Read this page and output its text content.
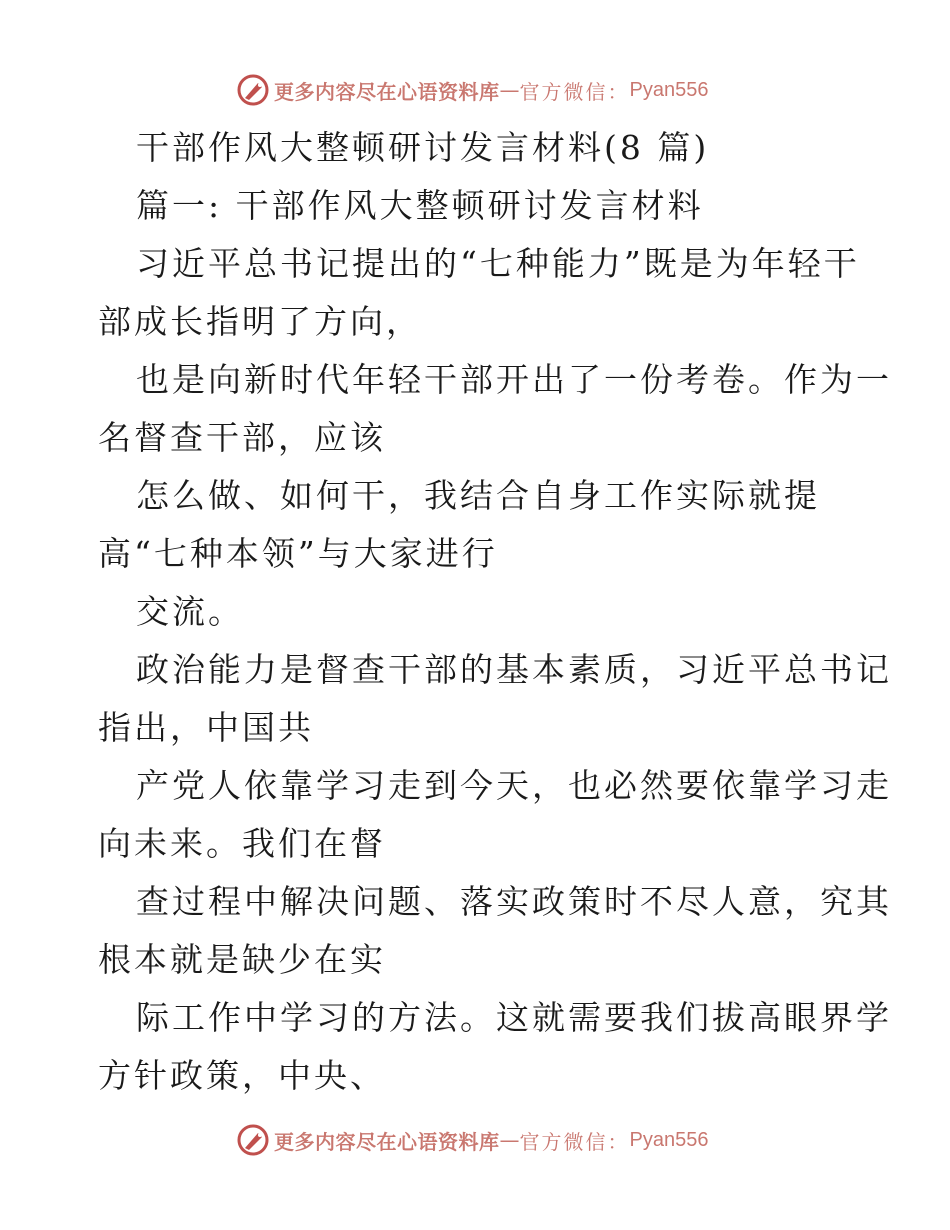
更多内容尽在心语资料库 — 官方微信： Pyan556
干部作风大整顿研讨发言材料(8 篇)
篇一: 干部作风大整顿研讨发言材料
习近平总书记提出的“七种能力”既是为年轻干
部成长指明了方向，
也是向新时代年轻干部开出了一份考卷。作为一
名督查干部，应该
怎么做、如何干，我结合自身工作实际就提
高“七种本领”与大家进行
交流。
政治能力是督查干部的基本素质，习近平总书记
指出，中国共
产党人依靠学习走到今天，也必然要依靠学习走
向未来。我们在督
查过程中解决问题、落实政策时不尽人意，究其
根本就是缺少在实
际工作中学习的方法。这就需要我们拔高眼界学
方针政策，中央、
更多内容尽在心语资料库 — 官方微信： Pyan556
